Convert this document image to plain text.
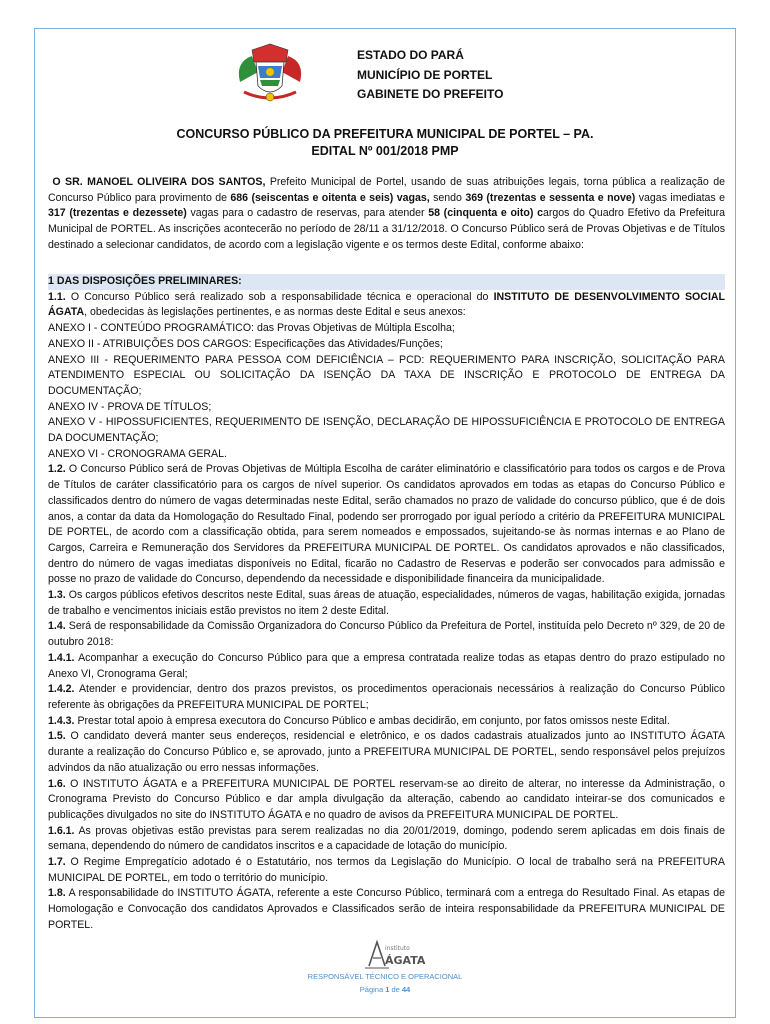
ESTADO DO PARÁ
MUNICÍPIO DE PORTEL
GABINETE DO PREFEITO
CONCURSO PÚBLICO DA PREFEITURA MUNICIPAL DE PORTEL – PA.
EDITAL Nº 001/2018 PMP

O SR. MANOEL OLIVEIRA DOS SANTOS, Prefeito Municipal de Portel, usando de suas atribuições legais, torna pública a realização de Concurso Público para provimento de 686 (seiscentas e oitenta e seis) vagas, sendo 369 (trezentas e sessenta e nove) vagas imediatas e 317 (trezentas e dezessete) vagas para o cadastro de reservas, para atender 58 (cinquenta e oito) cargos do Quadro Efetivo da Prefeitura Municipal de PORTEL. As inscrições acontecerão no período de 28/11 a 31/12/2018. O Concurso Público será de Provas Objetivas e de Títulos destinado a selecionar candidatos, de acordo com a legislação vigente e os termos deste Edital, conforme abaixo:

1 DAS DISPOSIÇÕES PRELIMINARES:

1.1. O Concurso Público será realizado sob a responsabilidade técnica e operacional do INSTITUTO DE DESENVOLVIMENTO SOCIAL ÁGATA, obedecidas às legislações pertinentes, e as normas deste Edital e seus anexos:

ANEXO I - CONTEÚDO PROGRAMÁTICO: das Provas Objetivas de Múltipla Escolha;

ANEXO II - ATRIBUIÇÕES DOS CARGOS: Especificações das Atividades/Funções;

ANEXO III - REQUERIMENTO PARA PESSOA COM DEFICIÊNCIA – PCD: REQUERIMENTO PARA INSCRIÇÃO, SOLICITAÇÃO PARA ATENDIMENTO ESPECIAL OU SOLICITAÇÃO DA ISENÇÃO DA TAXA DE INSCRIÇÃO E PROTOCOLO DE ENTREGA DA DOCUMENTAÇÃO;

ANEXO IV - PROVA DE TÍTULOS;

ANEXO V - HIPOSSUFICIENTES, REQUERIMENTO DE ISENÇÃO, DECLARAÇÃO DE HIPOSSUFICIÊNCIA E PROTOCOLO DE ENTREGA DA DOCUMENTAÇÃO;

ANEXO VI - CRONOGRAMA GERAL.

1.2. O Concurso Público será de Provas Objetivas de Múltipla Escolha de caráter eliminatório e classificatório para todos os cargos e de Prova de Títulos de caráter classificatório para os cargos de nível superior. Os candidatos aprovados em todas as etapas do Concurso Público e classificados dentro do número de vagas determinadas neste Edital, serão chamados no prazo de validade do concurso público, que é de dois anos, a contar da data da Homologação do Resultado Final, podendo ser prorrogado por igual período a critério da PREFEITURA MUNICIPAL DE PORTEL, de acordo com a classificação obtida, para serem nomeados e empossados, sujeitando-se às normas internas e ao Plano de Cargos, Carreira e Remuneração dos Servidores da PREFEITURA MUNICIPAL DE PORTEL. Os candidatos aprovados e não classificados, dentro do número de vagas imediatas disponíveis no Edital, ficarão no Cadastro de Reservas e poderão ser convocados para admissão e posse no prazo de validade do Concurso, dependendo da necessidade e disponibilidade financeira da municipalidade.

1.3. Os cargos públicos efetivos descritos neste Edital, suas áreas de atuação, especialidades, números de vagas, habilitação exigida, jornadas de trabalho e vencimentos iniciais estão previstos no item 2 deste Edital.

1.4. Será de responsabilidade da Comissão Organizadora do Concurso Público da Prefeitura de Portel, instituída pelo Decreto nº 329, de 20 de outubro 2018:

1.4.1. Acompanhar a execução do Concurso Público para que a empresa contratada realize todas as etapas dentro do prazo estipulado no Anexo VI, Cronograma Geral;

1.4.2. Atender e providenciar, dentro dos prazos previstos, os procedimentos operacionais necessários à realização do Concurso Público referente às obrigações da PREFEITURA MUNICIPAL DE PORTEL;

1.4.3. Prestar total apoio à empresa executora do Concurso Público e ambas decidirão, em conjunto, por fatos omissos neste Edital.

1.5. O candidato deverá manter seus endereços, residencial e eletrônico, e os dados cadastrais atualizados junto ao INSTITUTO ÁGATA durante a realização do Concurso Público e, se aprovado, junto a PREFEITURA MUNICIPAL DE PORTEL, sendo responsável pelos prejuízos advindos da não atualização ou erro nessas informações.

1.6. O INSTITUTO ÁGATA e a PREFEITURA MUNICIPAL DE PORTEL reservam-se ao direito de alterar, no interesse da Administração, o Cronograma Previsto do Concurso Público e dar ampla divulgação da alteração, cabendo ao candidato inteirar-se dos comunicados e publicações divulgados no site do INSTITUTO ÁGATA e no quadro de avisos da PREFEITURA MUNICIPAL DE PORTEL.

1.6.1. As provas objetivas estão previstas para serem realizadas no dia 20/01/2019, domingo, podendo serem aplicadas em dois finais de semana, dependendo do número de candidatos inscritos e a capacidade de lotação do município.

1.7. O Regime Empregatício adotado é o Estatutário, nos termos da Legislação do Município. O local de trabalho será na PREFEITURA MUNICIPAL DE PORTEL, em todo o território do município.

1.8. A responsabilidade do INSTITUTO ÁGATA, referente a este Concurso Público, terminará com a entrega do Resultado Final. As etapas de Homologação e Convocação dos candidatos Aprovados e Classificados serão de inteira responsabilidade da PREFEITURA MUNICIPAL DE PORTEL.

instituto
ÁGATA
RESPONSÁVEL TÉCNICO E OPERACIONAL
Página 1 de 44
